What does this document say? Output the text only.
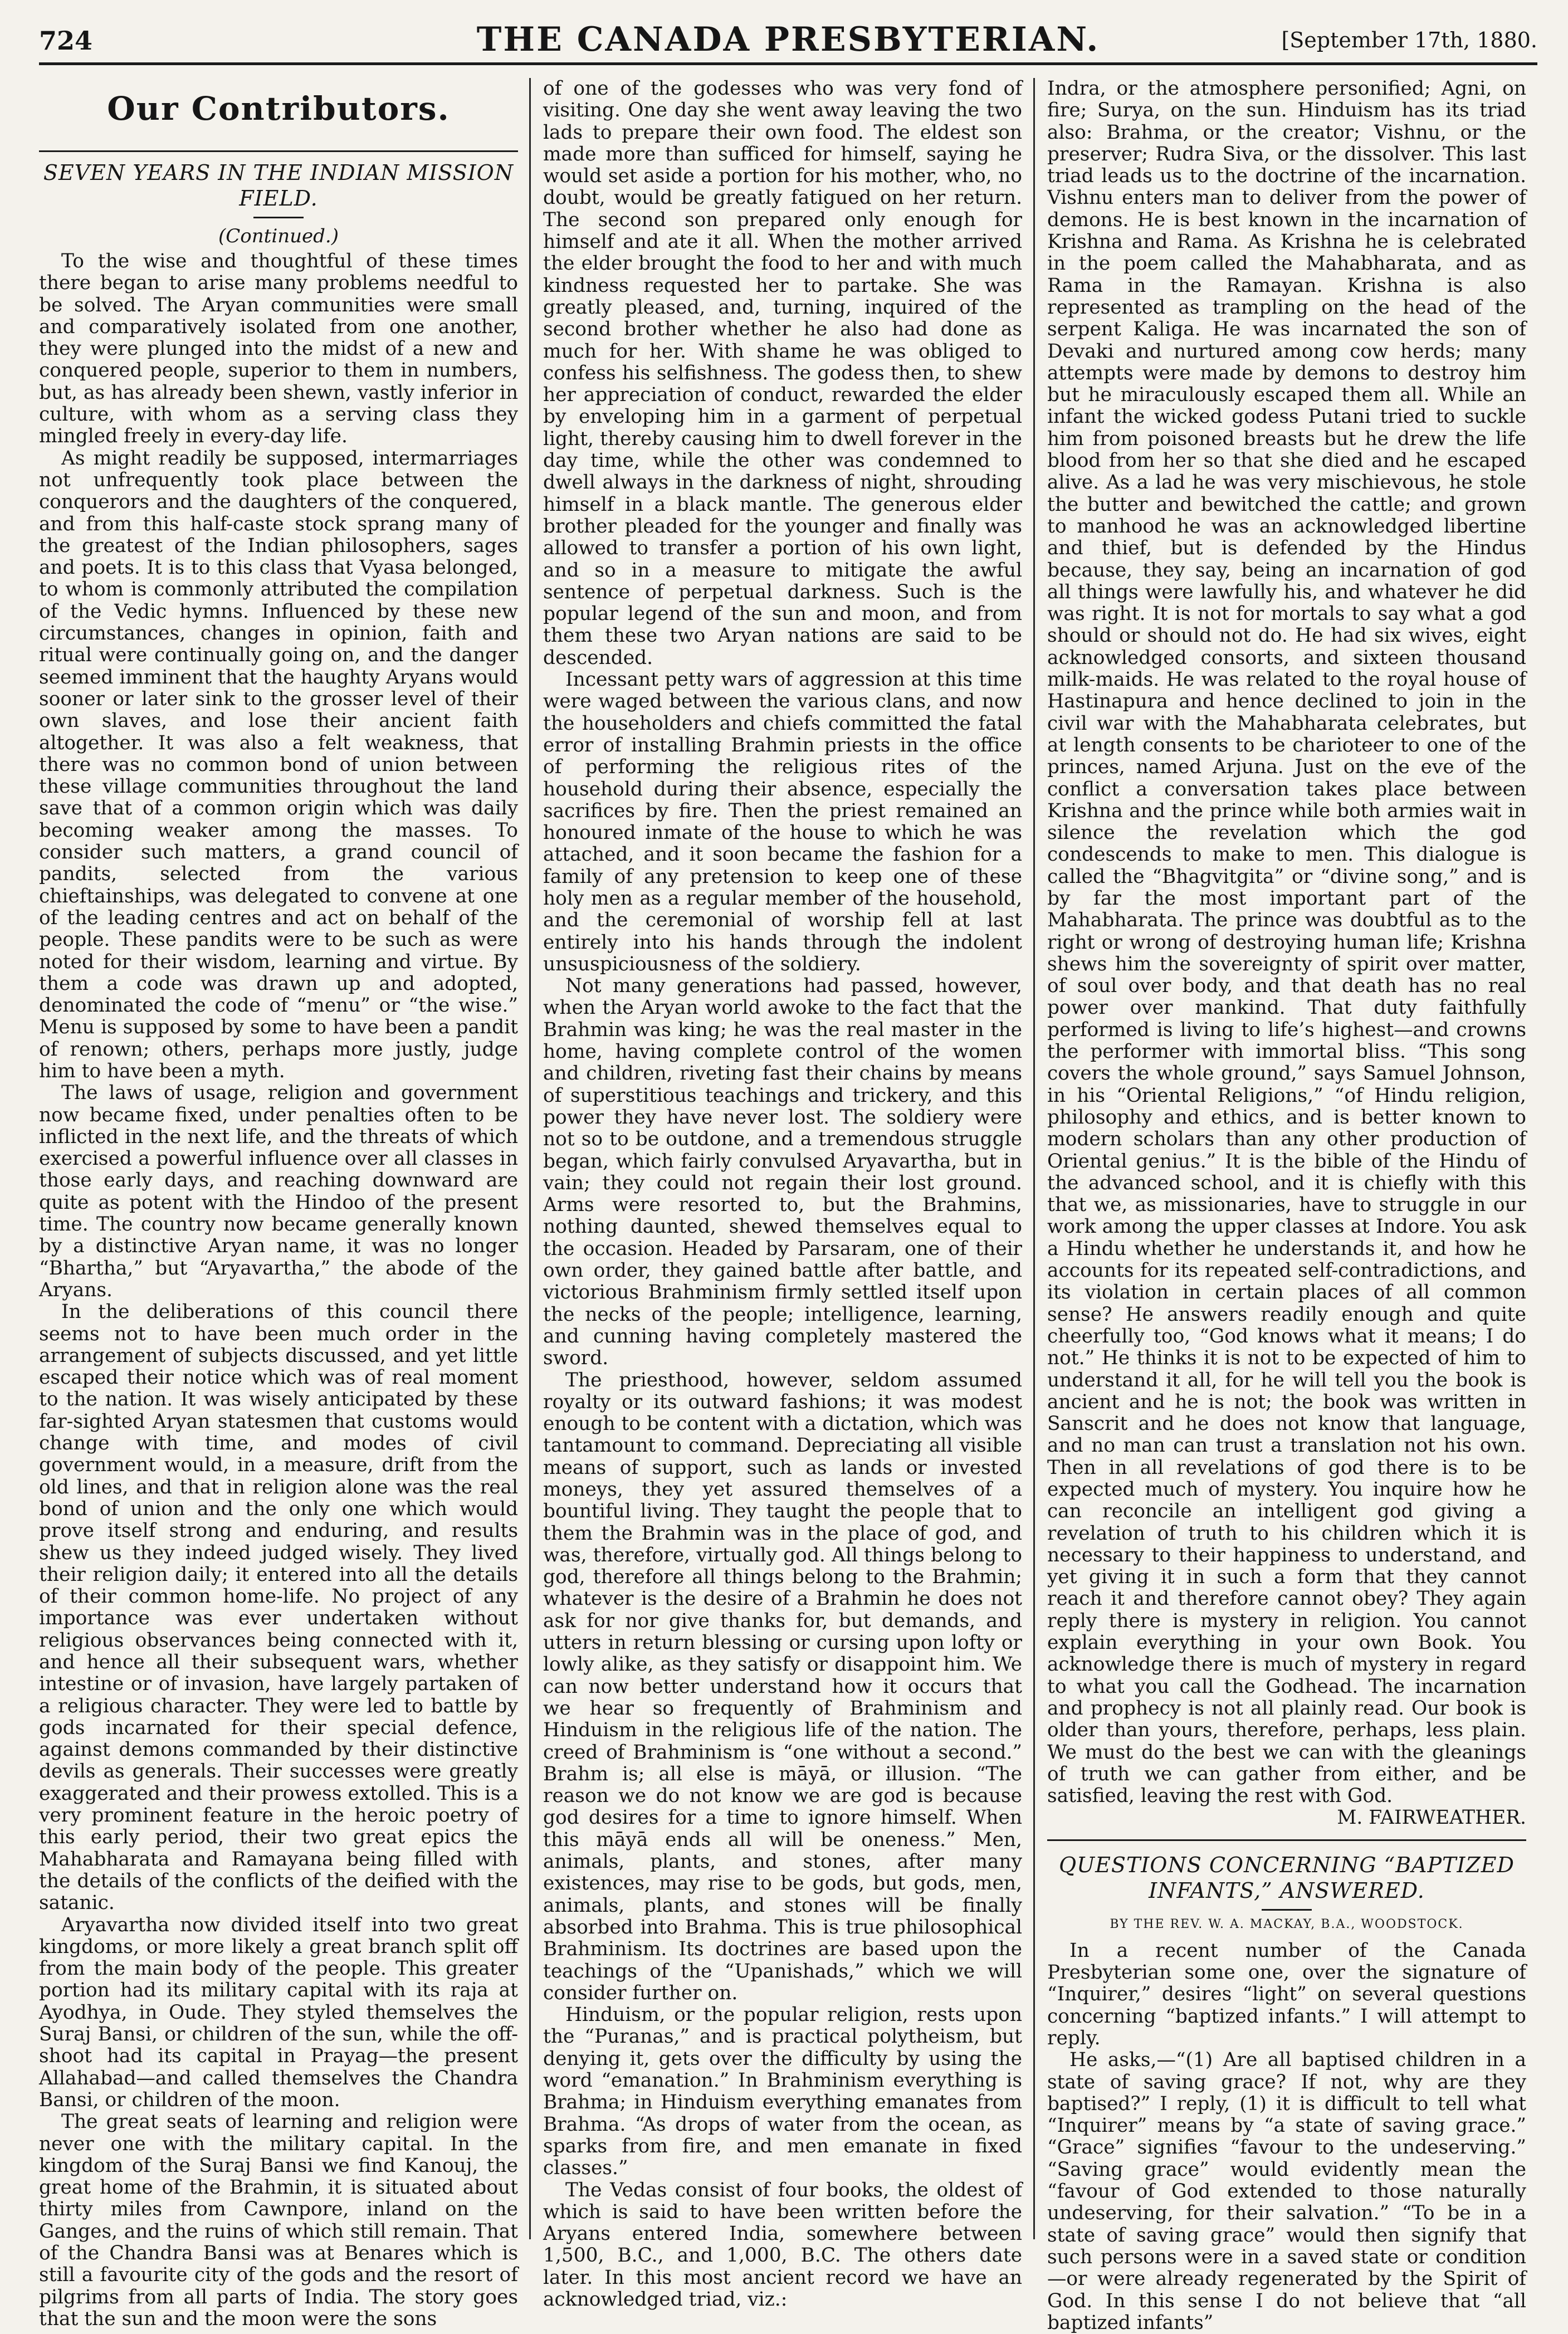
724	THE CANADA PRESBYTERIAN.	[September 17th, 1880.
Our Contributors.
SEVEN YEARS IN THE INDIAN MISSION FIELD.
(Continued.)

To the wise and thoughtful of these times there began to arise many problems needful to be solved. The Aryan communities were small and comparatively isolated from one another, they were plunged into the midst of a new and conquered people, superior to them in numbers, but, as has already been shewn, vastly inferior in culture, with whom as a serving class they mingled freely in every-day life.

As might readily be supposed, intermarriages not unfrequently took place between the conquerors and the daughters of the conquered, and from this half-caste stock sprang many of the greatest of the Indian philosophers, sages and poets. It is to this class that Vyasa belonged, to whom is commonly attributed the compilation of the Vedic hymns. Influenced by these new circumstances, changes in opinion, faith and ritual were continually going on, and the danger seemed imminent that the haughty Aryans would sooner or later sink to the grosser level of their own slaves, and lose their ancient faith altogether. It was also a felt weakness, that there was no common bond of union between these village communities throughout the land save that of a common origin which was daily becoming weaker among the masses. To consider such matters, a grand council of pandits, selected from the various chieftainships, was delegated to convene at one of the leading centres and act on behalf of the people. These pandits were to be such as were noted for their wisdom, learning and virtue. By them a code was drawn up and adopted, denominated the code of “menu” or “the wise.” Menu is supposed by some to have been a pandit of renown; others, perhaps more justly, judge him to have been a myth.

The laws of usage, religion and government now became fixed, under penalties often to be inflicted in the next life, and the threats of which exercised a powerful influence over all classes in those early days, and reaching downward are quite as potent with the Hindoo of the present time. The country now became generally known by a distinctive Aryan name, it was no longer “Bhartha,” but “Aryavartha,” the abode of the Aryans.

In the deliberations of this council there seems not to have been much order in the arrangement of subjects discussed, and yet little escaped their notice which was of real moment to the nation. It was wisely anticipated by these far-sighted Aryan statesmen that customs would change with time, and modes of civil government would, in a measure, drift from the old lines, and that in religion alone was the real bond of union and the only one which would prove itself strong and enduring, and results shew us they indeed judged wisely. They lived their religion daily; it entered into all the details of their common home-life. No project of any importance was ever undertaken without religious observances being connected with it, and hence all their subsequent wars, whether intestine or of invasion, have largely partaken of a religious character. They were led to battle by gods incarnated for their special defence, against demons commanded by their distinctive devils as generals. Their successes were greatly exaggerated and their prowess extolled. This is a very prominent feature in the heroic poetry of this early period, their two great epics the Mahabharata and Ramayana being filled with the details of the conflicts of the deified with the satanic.

Aryavartha now divided itself into two great kingdoms, or more likely a great branch split off from the main body of the people. This greater portion had its military capital with its raja at Ayodhya, in Oude. They styled themselves the Suraj Bansi, or children of the sun, while the off-shoot had its capital in Prayag—the present Allahabad—and called themselves the Chandra Bansi, or children of the moon.

The great seats of learning and religion were never one with the military capital. In the kingdom of the Suraj Bansi we find Kanouj, the great home of the Brahmin, it is situated about thirty miles from Cawnpore, inland on the Ganges, and the ruins of which still remain. That of the Chandra Bansi was at Benares which is still a favourite city of the gods and the resort of pilgrims from all parts of India. The story goes that the sun and the moon were the sons

of one of the godesses who was very fond of visiting. One day she went away leaving the two lads to prepare their own food. The eldest son made more than sufficed for himself, saying he would set aside a portion for his mother, who, no doubt, would be greatly fatigued on her return. The second son prepared only enough for himself and ate it all. When the mother arrived the elder brought the food to her and with much kindness requested her to partake. She was greatly pleased, and, turning, inquired of the second brother whether he also had done as much for her. With shame he was obliged to confess his selfishness. The godess then, to shew her appreciation of conduct, rewarded the elder by enveloping him in a garment of perpetual light, thereby causing him to dwell forever in the day time, while the other was condemned to dwell always in the darkness of night, shrouding himself in a black mantle. The generous elder brother pleaded for the younger and finally was allowed to transfer a portion of his own light, and so in a measure to mitigate the awful sentence of perpetual darkness. Such is the popular legend of the sun and moon, and from them these two Aryan nations are said to be descended.

Incessant petty wars of aggression at this time were waged between the various clans, and now the householders and chiefs committed the fatal error of installing Brahmin priests in the office of performing the religious rites of the household during their absence, especially the sacrifices by fire. Then the priest remained an honoured inmate of the house to which he was attached, and it soon became the fashion for a family of any pretension to keep one of these holy men as a regular member of the household, and the ceremonial of worship fell at last entirely into his hands through the indolent unsuspiciousness of the soldiery.

Not many generations had passed, however, when the Aryan world awoke to the fact that the Brahmin was king; he was the real master in the home, having complete control of the women and children, riveting fast their chains by means of superstitious teachings and trickery, and this power they have never lost. The soldiery were not so to be outdone, and a tremendous struggle began, which fairly convulsed Aryavartha, but in vain; they could not regain their lost ground. Arms were resorted to, but the Brahmins, nothing daunted, shewed themselves equal to the occasion. Headed by Parsaram, one of their own order, they gained battle after battle, and victorious Brahminism firmly settled itself upon the necks of the people; intelligence, learning, and cunning having completely mastered the sword.

The priesthood, however, seldom assumed royalty or its outward fashions; it was modest enough to be content with a dictation, which was tantamount to command. Depreciating all visible means of support, such as lands or invested moneys, they yet assured themselves of a bountiful living. They taught the people that to them the Brahmin was in the place of god, and was, therefore, virtually god. All things belong to god, therefore all things belong to the Brahmin; whatever is the desire of a Brahmin he does not ask for nor give thanks for, but demands, and utters in return blessing or cursing upon lofty or lowly alike, as they satisfy or disappoint him. We can now better understand how it occurs that we hear so frequently of Brahminism and Hinduism in the religious life of the nation. The creed of Brahminism is “one without a second.” Brahm is; all else is māyā, or illusion. “The reason we do not know we are god is because god desires for a time to ignore himself. When this māyā ends all will be oneness.” Men, animals, plants, and stones, after many existences, may rise to be gods, but gods, men, animals, plants, and stones will be finally absorbed into Brahma. This is true philosophical Brahminism. Its doctrines are based upon the teachings of the “Upanishads,” which we will consider further on.

Hinduism, or the popular religion, rests upon the “Puranas,” and is practical polytheism, but denying it, gets over the difficulty by using the word “emanation.” In Brahminism everything is Brahma; in Hinduism everything emanates from Brahma. “As drops of water from the ocean, as sparks from fire, and men emanate in fixed classes.”

The Vedas consist of four books, the oldest of which is said to have been written before the Aryans entered India, somewhere between 1,500, B.C., and 1,000, B.C. The others date later. In this most ancient record we have an acknowledged triad, viz.:

Indra, or the atmosphere personified; Agni, on fire; Surya, on the sun. Hinduism has its triad also: Brahma, or the creator; Vishnu, or the preserver; Rudra Siva, or the dissolver. This last triad leads us to the doctrine of the incarnation. Vishnu enters man to deliver from the power of demons. He is best known in the incarnation of Krishna and Rama. As Krishna he is celebrated in the poem called the Mahabharata, and as Rama in the Ramayan. Krishna is also represented as trampling on the head of the serpent Kaliga. He was incarnated the son of Devaki and nurtured among cow herds; many attempts were made by demons to destroy him but he miraculously escaped them all. While an infant the wicked godess Putani tried to suckle him from poisoned breasts but he drew the life blood from her so that she died and he escaped alive. As a lad he was very mischievous, he stole the butter and bewitched the cattle; and grown to manhood he was an acknowledged libertine and thief, but is defended by the Hindus because, they say, being an incarnation of god all things were lawfully his, and whatever he did was right. It is not for mortals to say what a god should or should not do. He had six wives, eight acknowledged consorts, and sixteen thousand milk-maids. He was related to the royal house of Hastinapura and hence declined to join in the civil war with the Mahabharata celebrates, but at length consents to be charioteer to one of the princes, named Arjuna. Just on the eve of the conflict a conversation takes place between Krishna and the prince while both armies wait in silence the revelation which the god condescends to make to men. This dialogue is called the “Bhagvitgita” or “divine song,” and is by far the most important part of the Mahabharata. The prince was doubtful as to the right or wrong of destroying human life; Krishna shews him the sovereignty of spirit over matter, of soul over body, and that death has no real power over mankind. That duty faithfully performed is living to life’s highest—and crowns the performer with immortal bliss. “This song covers the whole ground,” says Samuel Johnson, in his “Oriental Religions,” “of Hindu religion, philosophy and ethics, and is better known to modern scholars than any other production of Oriental genius.” It is the bible of the Hindu of the advanced school, and it is chiefly with this that we, as missionaries, have to struggle in our work among the upper classes at Indore. You ask a Hindu whether he understands it, and how he accounts for its repeated self-contradictions, and its violation in certain places of all common sense? He answers readily enough and quite cheerfully too, “God knows what it means; I do not.” He thinks it is not to be expected of him to understand it all, for he will tell you the book is ancient and he is not; the book was written in Sanscrit and he does not know that language, and no man can trust a translation not his own. Then in all revelations of god there is to be expected much of mystery. You inquire how he can reconcile an intelligent god giving a revelation of truth to his children which it is necessary to their happiness to understand, and yet giving it in such a form that they cannot reach it and therefore cannot obey? They again reply there is mystery in religion. You cannot explain everything in your own Book. You acknowledge there is much of mystery in regard to what you call the Godhead. The incarnation and prophecy is not all plainly read. Our book is older than yours, therefore, perhaps, less plain. We must do the best we can with the gleanings of truth we can gather from either, and be satisfied, leaving the rest with God.

M. FAIRWEATHER.
QUESTIONS CONCERNING “BAPTIZED INFANTS,” ANSWERED.
BY THE REV. W. A. MACKAY, B.A., WOODSTOCK.

In a recent number of the Canada Presbyterian some one, over the signature of “Inquirer,” desires “light” on several questions concerning “baptized infants.” I will attempt to reply.

He asks,—“(1) Are all baptised children in a state of saving grace? If not, why are they baptised?” I reply, (1) it is difficult to tell what “Inquirer” means by “a state of saving grace.” “Grace” signifies “favour to the undeserving.” “Saving grace” would evidently mean the “favour of God extended to those naturally undeserving, for their salvation.” “To be in a state of saving grace” would then signify that such persons were in a saved state or condition—or were already regenerated by the Spirit of God. In this sense I do not believe that “all baptized infants”
